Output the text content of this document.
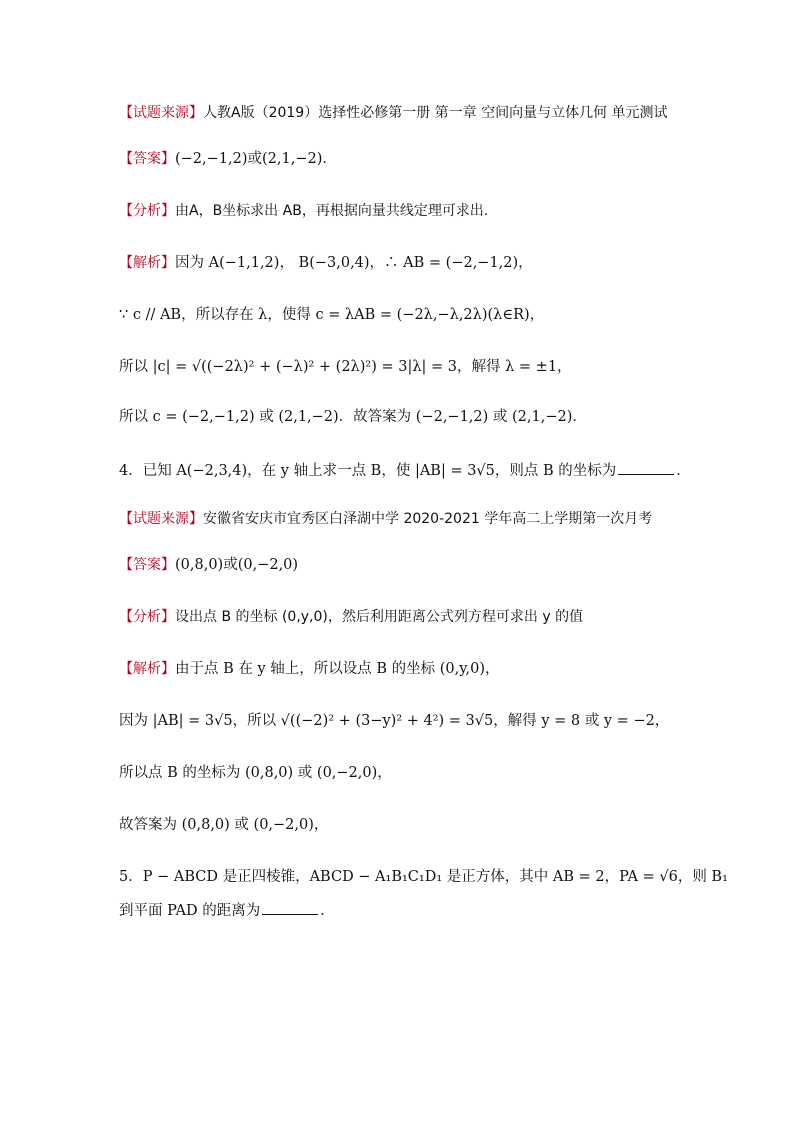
【试题来源】人教A版（2019）选择性必修第一册 第一章 空间向量与立体几何 单元测试
【答案】(−2,−1,2)或(2,1,−2)．
【分析】由A，B坐标求出 AB，再根据向量共线定理可求出.
【解析】因为 A(−1,1,2)， B(−3,0,4)，∴ AB = (−2,−1,2)，
∵ c // AB，所以存在 λ，使得 c = λAB = (−2λ,−λ,2λ)(λ∈R)，
所以 |c| = √((−2λ)² + (−λ)² + (2λ)²) = 3|λ| = 3，解得 λ = ±1，
所以 c = (−2,−1,2) 或 (2,1,−2)．故答案为 (−2,−1,2) 或 (2,1,−2)．
4．已知 A(−2,3,4)，在 y 轴上求一点 B，使 |AB| = 3√5，则点 B 的坐标为	．
【试题来源】安徽省安庆市宜秀区白泽湖中学 2020-2021 学年高二上学期第一次月考
【答案】(0,8,0)或(0,−2,0)
【分析】设出点 B 的坐标 (0,y,0)，然后利用距离公式列方程可求出 y 的值
【解析】由于点 B 在 y 轴上，所以设点 B 的坐标 (0,y,0)，
因为 |AB| = 3√5，所以 √((−2)² + (3−y)² + 4²) = 3√5，解得 y = 8 或 y = −2，
所以点 B 的坐标为 (0,8,0) 或 (0,−2,0)，
故答案为 (0,8,0) 或 (0,−2,0)，
5．P − ABCD 是正四棱锥，ABCD − A₁B₁C₁D₁ 是正方体，其中 AB = 2，PA = √6，则 B₁
到平面 PAD 的距离为	．
